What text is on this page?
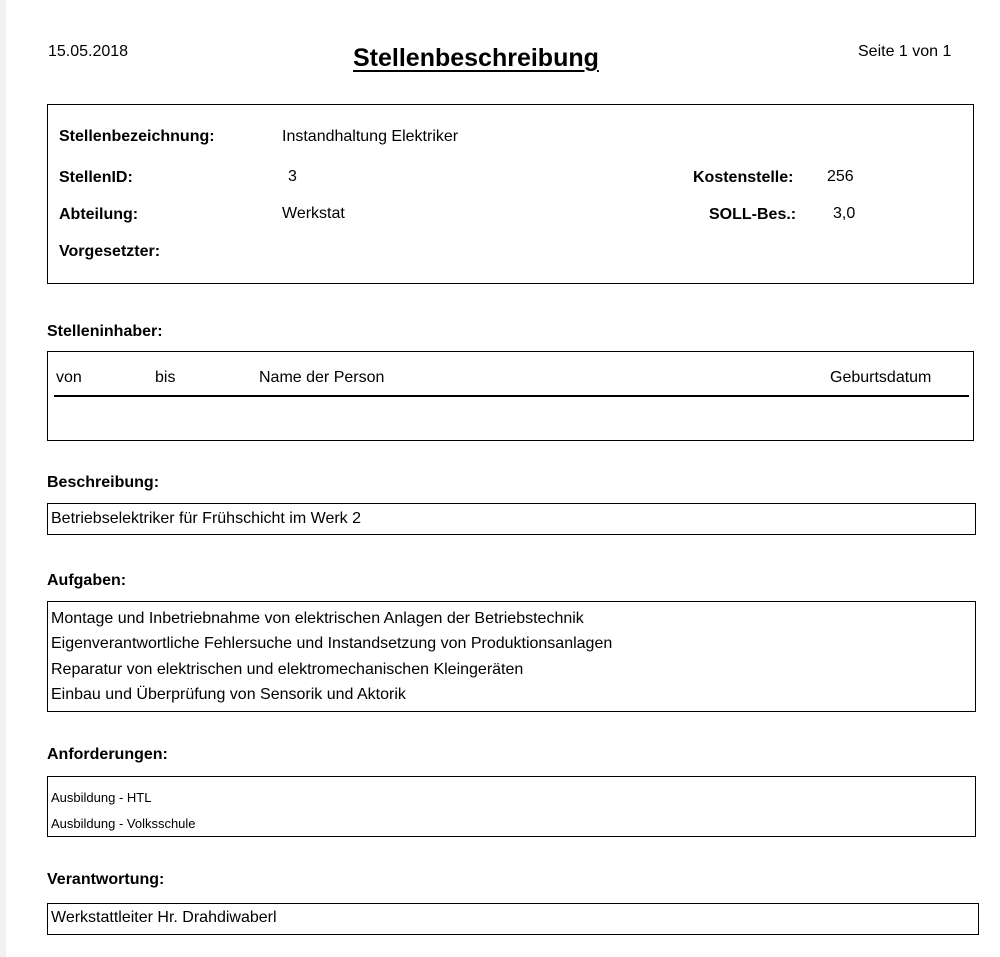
15.05.2018	Stellenbeschreibung	Seite 1 von 1
Stellenbezeichnung:	Instandhaltung Elektriker
StellenID:	3	Kostenstelle: 256
Abteilung:	Werkstat	SOLL-Bes.: 3,0
Vorgesetzter:
Stelleninhaber:
von	bis	Name der Person	Geburtsdatum
Beschreibung:
Betriebselektriker für Frühschicht im Werk 2
Aufgaben:
Montage und Inbetriebnahme von elektrischen Anlagen der Betriebstechnik
Eigenverantwortliche Fehlersuche und Instandsetzung von Produktionsanlagen
Reparatur von elektrischen und elektromechanischen Kleingeräten
Einbau und Überprüfung von Sensorik und Aktorik
Anforderungen:
Ausbildung - HTL
Ausbildung - Volksschule
Verantwortung:
Werkstattleiter Hr. Drahdiwaberl
